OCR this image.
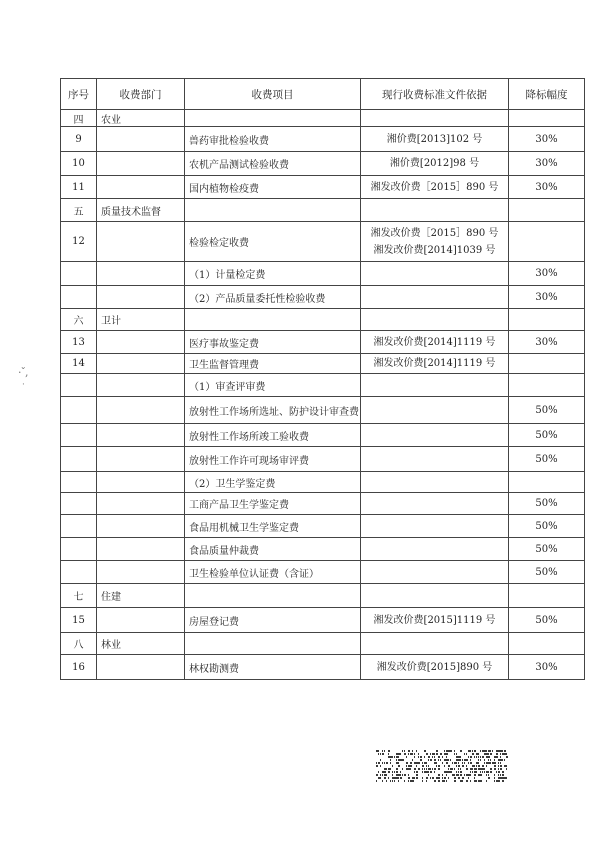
序号	收费部门	收费项目	现行收费标准文件依据	降标幅度
四	农业			
9		兽药审批检验收费	湘价费[2013]102 号	30%
10		农机产品测试检验收费	湘价费[2012]98 号	30%
11		国内植物检疫费	湘发改价费［2015］890 号	30%
五	质量技术监督			
12		检验检定收费	湘发改价费［2015］890 号
湘发改价费[2014]1039 号	
		（1）计量检定费		30%
		（2）产品质量委托性检验收费		30%
六	卫计			
13		医疗事故鉴定费	湘发改价费[2014]1119 号	30%
14		卫生监督管理费	湘发改价费[2014]1119 号	
		（1）审查评审费		
		放射性工作场所选址、防护设计审查费		50%
		放射性工作场所竣工验收费		50%
		放射性工作许可现场审评费		50%
		（2）卫生学鉴定费		
		工商产品卫生学鉴定费		50%
		食品用机械卫生学鉴定费		50%
		食品质量仲裁费		50%
		卫生检验单位认证费（含证）		50%
七	住建			
15		房屋登记费	湘发改价费[2015]1119 号	50%
八	林业			
16		林权勘测费	湘发改价费[2015]890 号	30%
·ˇ,
·
